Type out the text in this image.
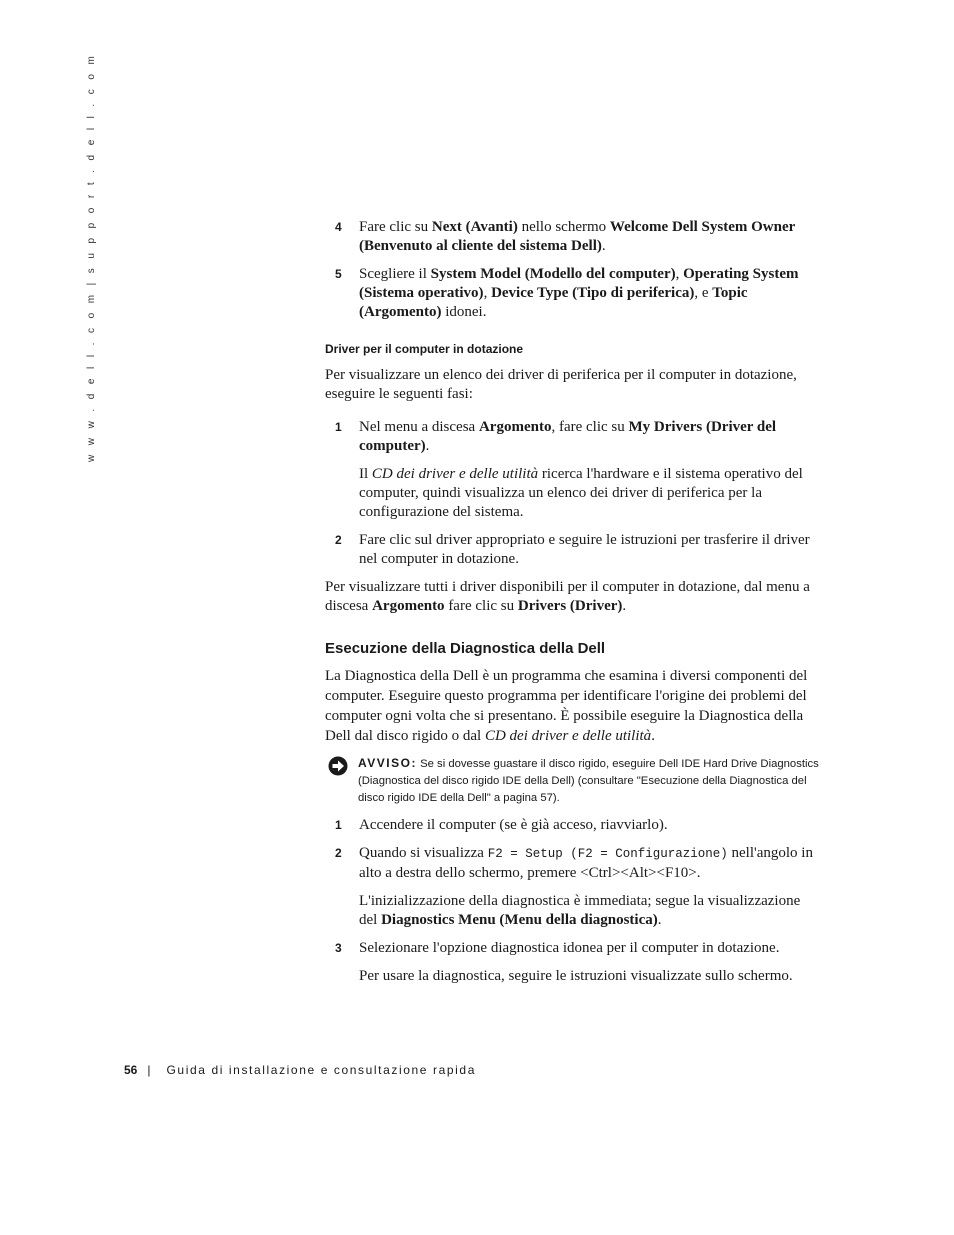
w w w . d e l l . c o m | s u p p o r t . d e l l . c o m	4 Fare clic su Next (Avanti) nello schermo Welcome Dell System Owner (Benvenuto al cliente del sistema Dell).

5 Scegliere il System Model (Modello del computer), Operating System (Sistema operativo), Device Type (Tipo di periferica), e Topic (Argomento) idonei.

Driver per il computer in dotazione

Per visualizzare un elenco dei driver di periferica per il computer in dotazione, eseguire le seguenti fasi:

1 Nel menu a discesa Argomento, fare clic su My Drivers (Driver del computer).

Il CD dei driver e delle utilità ricerca l'hardware e il sistema operativo del computer, quindi visualizza un elenco dei driver di periferica per la configurazione del sistema.

2 Fare clic sul driver appropriato e seguire le istruzioni per trasferire il driver nel computer in dotazione.

Per visualizzare tutti i driver disponibili per il computer in dotazione, dal menu a discesa Argomento fare clic su Drivers (Driver).

Esecuzione della Diagnostica della Dell

La Diagnostica della Dell è un programma che esamina i diversi componenti del computer. Eseguire questo programma per identificare l'origine dei problemi del computer ogni volta che si presentano. È possibile eseguire la Diagnostica della Dell dal disco rigido o dal CD dei driver e delle utilità.

AVVISO: Se si dovesse guastare il disco rigido, eseguire Dell IDE Hard Drive Diagnostics (Diagnostica del disco rigido IDE della Dell) (consultare "Esecuzione della Diagnostica del disco rigido IDE della Dell" a pagina 57).

1 Accendere il computer (se è già acceso, riavviarlo).

2 Quando si visualizza F2 = Setup (F2 = Configurazione) nell'angolo in alto a destra dello schermo, premere <Ctrl><Alt><F10>.

L'inizializzazione della diagnostica è immediata; segue la visualizzazione del Diagnostics Menu (Menu della diagnostica).

3 Selezionare l'opzione diagnostica idonea per il computer in dotazione.

Per usare la diagnostica, seguire le istruzioni visualizzate sullo schermo.

56 | Guida di installazione e consultazione rapida
